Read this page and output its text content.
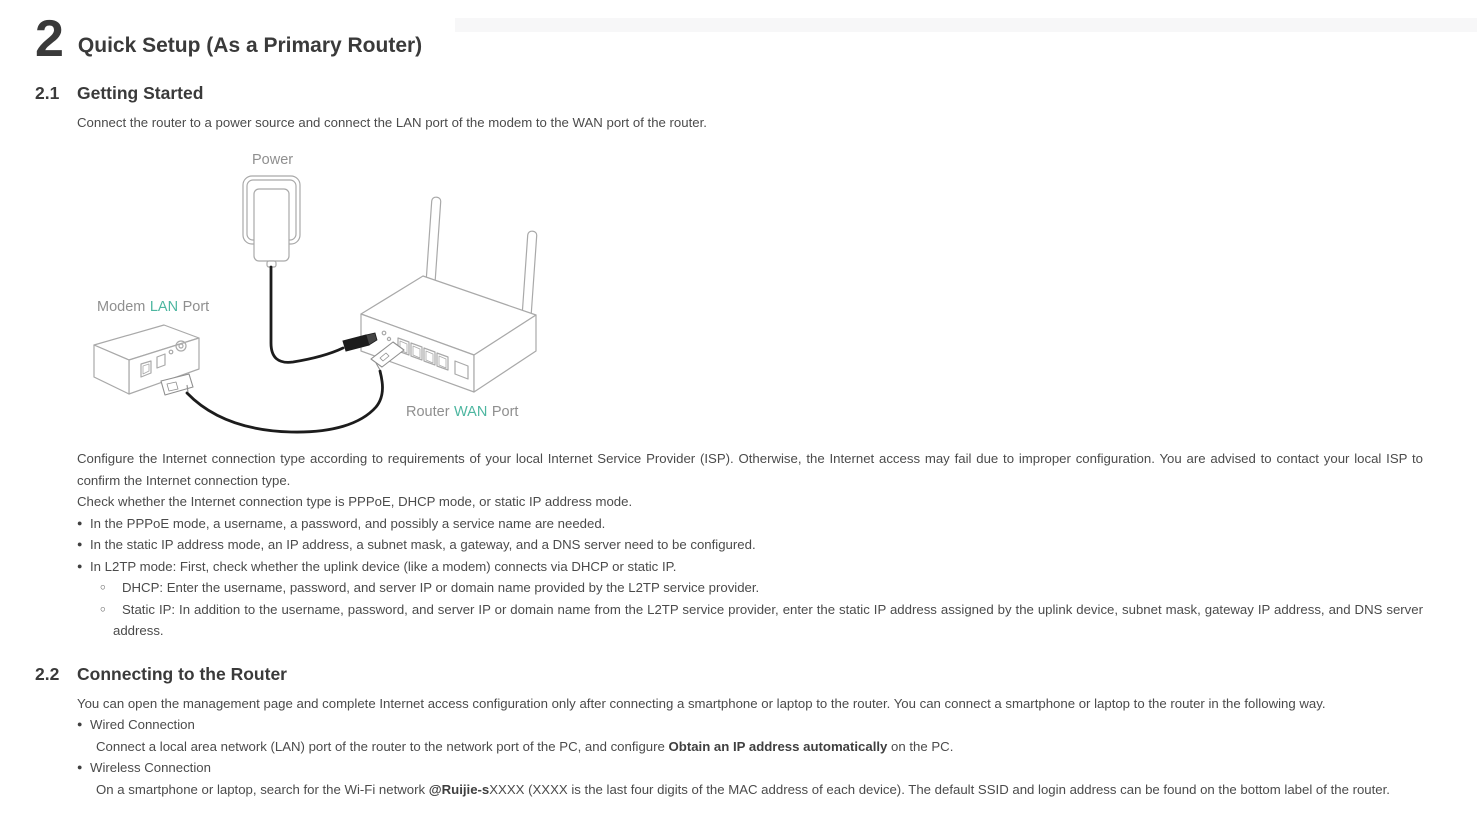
2 Quick Setup (As a Primary Router)
2.1 Getting Started

Connect the router to a power source and connect the LAN port of the modem to the WAN port of the router.

Power
Modem LAN Port
Router WAN Port

Configure the Internet connection type according to requirements of your local Internet Service Provider (ISP). Otherwise, the Internet access may fail due to improper configuration. You are advised to contact your local ISP to confirm the Internet connection type.

Check whether the Internet connection type is PPPoE, DHCP mode, or static IP address mode.

● In the PPPoE mode, a username, a password, and possibly a service name are needed.
● In the static IP address mode, an IP address, a subnet mask, a gateway, and a DNS server need to be configured.
● In L2TP mode: First, check whether the uplink device (like a modem) connects via DHCP or static IP.
○	DHCP: Enter the username, password, and server IP or domain name provided by the L2TP service provider.
○	Static IP: In addition to the username, password, and server IP or domain name from the L2TP service provider, enter the static IP address assigned by the uplink device, subnet mask, gateway IP address, and DNS server address.
2.2 Connecting to the Router

You can open the management page and complete Internet access configuration only after connecting a smartphone or laptop to the router. You can connect a smartphone or laptop to the router in the following way.

● Wired Connection

Connect a local area network (LAN) port of the router to the network port of the PC, and configure Obtain an IP address automatically on the PC.

● Wireless Connection

On a smartphone or laptop, search for the Wi-Fi network @Ruijie-sXXXX (XXXX is the last four digits of the MAC address of each device). The default SSID and login address can be found on the bottom label of the router.
